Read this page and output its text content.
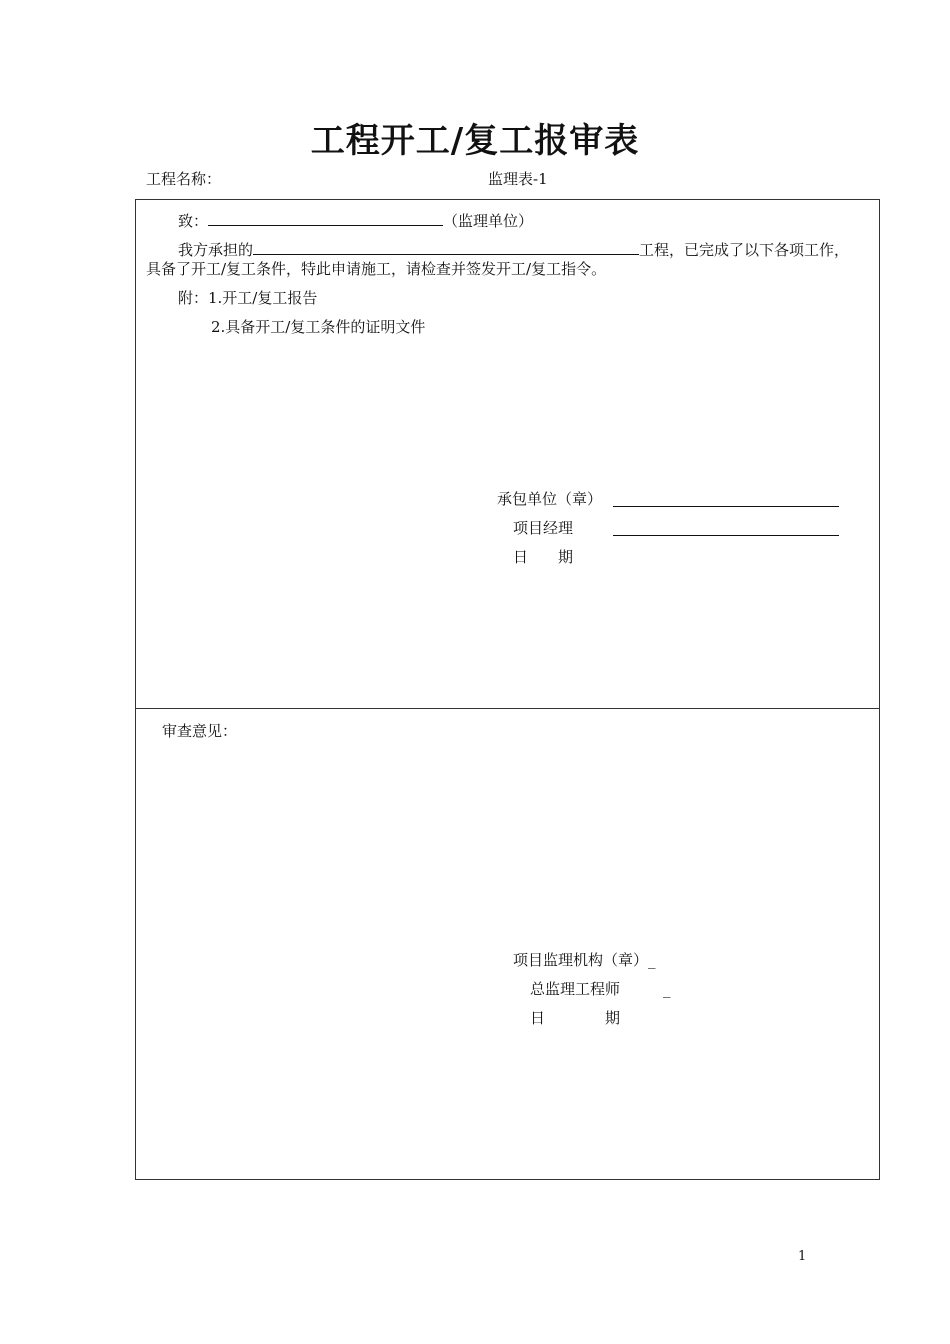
工程开工/复工报审表
工程名称：	监理表-1
致：	（监理单位）
我方承担的	工程，已完成了以下各项工作，
具备了开工/复工条件，特此申请施工，请检查并签发开工/复工指令。
附：1.开工/复工报告
2.具备开工/复工条件的证明文件
承包单位（章）
项目经理
日　　期
审查意见：
项目监理机构（章）_
总监理工程师	_
日　　　　期
1
